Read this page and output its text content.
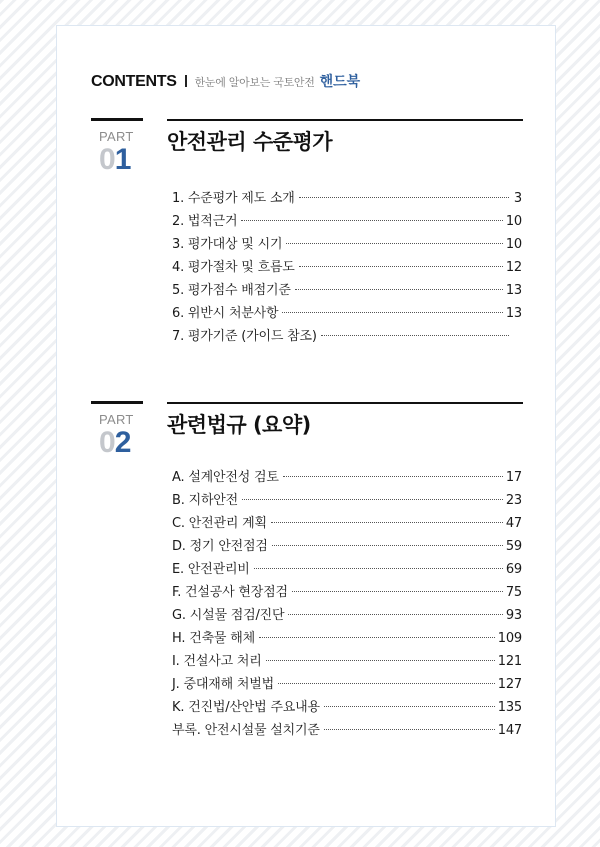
CONTENTS 한눈에 알아보는 국토안전 핸드북
PART
01
안전관리 수준평가
1. 수준평가 제도 소개	3
2. 법적근거	10
3. 평가대상 및 시기	10
4. 평가절차 및 흐름도	12
5. 평가점수 배점기준	13
6. 위반시 처분사항	13
7. 평가기준 (가이드 참조)
PART
02
관련법규 (요약)
A. 설계안전성 검토	17
B. 지하안전	23
C. 안전관리 계획	47
D. 정기 안전점검	59
E. 안전관리비	69
F. 건설공사 현장점검	75
G. 시설물 점검/진단	93
H. 건축물 해체	109
I. 건설사고 처리	121
J. 중대재해 처벌법	127
K. 건진법/산안법 주요내용	135
부록. 안전시설물 설치기준	147
